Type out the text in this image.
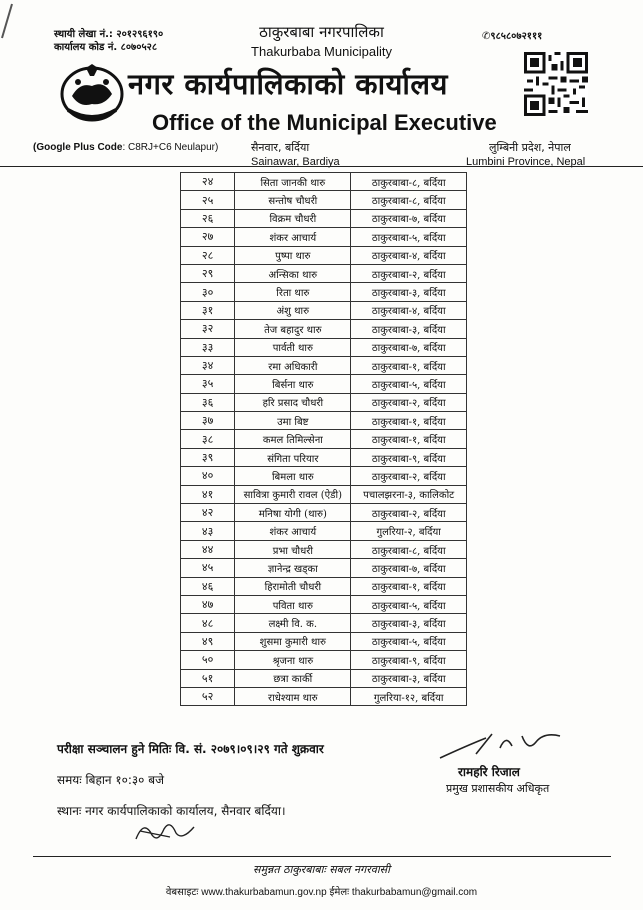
स्थायी लेखा नं.: २०१२९६१९०
कार्यालय कोड नं. ८०७०५२८
✆९८५८०७२१११
ठाकुरबाबा नगरपालिका
Thakurbaba Municipality
नगर कार्यपालिकाको कार्यालय
Office of the Municipal Executive
(Google Plus Code: C8RJ+C6 Neulapur)	सैनवार, बर्दिया
Sainawar, Bardiya
लुम्बिनी प्रदेश, नेपाल
Lumbini Province, Nepal
२४	सिता जानकी थारु	ठाकुरबाबा-८, बर्दिया
२५	सन्तोष चौधरी	ठाकुरबाबा-८, बर्दिया
२६	विक्रम चौधरी	ठाकुरबाबा-७, बर्दिया
२७	शंकर आचार्य	ठाकुरबाबा-५, बर्दिया
२८	पुष्पा थारु	ठाकुरबाबा-४, बर्दिया
२९	अन्सिका थारु	ठाकुरबाबा-२, बर्दिया
३०	रिता थारु	ठाकुरबाबा-३, बर्दिया
३१	अंशु थारु	ठाकुरबाबा-४, बर्दिया
३२	तेज बहादुर थारु	ठाकुरबाबा-३, बर्दिया
३३	पार्वती थारु	ठाकुरबाबा-७, बर्दिया
३४	रमा अधिकारी	ठाकुरबाबा-१, बर्दिया
३५	बिर्सना थारु	ठाकुरबाबा-५, बर्दिया
३६	हरि प्रसाद चौधरी	ठाकुरबाबा-२, बर्दिया
३७	उमा बिष्ट	ठाकुरबाबा-१, बर्दिया
३८	कमल तिमिल्सेना	ठाकुरबाबा-१, बर्दिया
३९	संगिता परियार	ठाकुरबाबा-९, बर्दिया
४०	बिमला थारु	ठाकुरबाबा-२, बर्दिया
४१	सावित्रा कुमारी रावल (ऐडी)	पचालझरना-३, कालिकोट
४२	मनिषा योगी (थारु)	ठाकुरबाबा-२, बर्दिया
४३	शंकर आचार्य	गुलरिया-२, बर्दिया
४४	प्रभा चौधरी	ठाकुरबाबा-८, बर्दिया
४५	ज्ञानेन्द्र खड्का	ठाकुरबाबा-७, बर्दिया
४६	हिरामोती चौधरी	ठाकुरबाबा-१, बर्दिया
४७	पविता थारु	ठाकुरबाबा-५, बर्दिया
४८	लक्ष्मी वि. क.	ठाकुरबाबा-३, बर्दिया
४९	शुसमा कुमारी थारु	ठाकुरबाबा-५, बर्दिया
५०	श्रृजना थारु	ठाकुरबाबा-९, बर्दिया
५१	छत्रा कार्की	ठाकुरबाबा-३, बर्दिया
५२	राधेश्याम थारु	गुलरिया-१२, बर्दिया
परीक्षा सञ्चालन हुने मितिः वि. सं. २०७९।०९।२९ गते शुक्रवार
समयः बिहान १०:३० बजे
स्थानः नगर कार्यपालिकाको कार्यालय, सैनवार बर्दिया।
रामहरि रिजाल
प्रमुख प्रशासकीय अधिकृत
समुन्नत ठाकुरबाबाः सबल नगरवासी
वेबसाइटः www.thakurbabamun.gov.np ईमेलः thakurbabamun@gmail.com
